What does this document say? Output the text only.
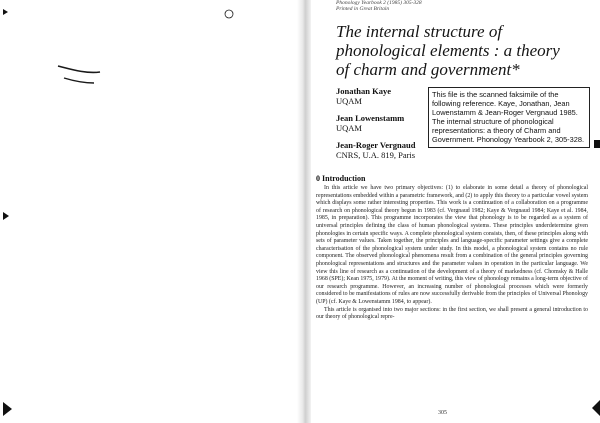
Phonology Yearbook 2 (1985) 305-328
Printed in Great Britain
The internal structure of phonological elements : a theory of charm and government*
Jonathan Kaye
UQAM
Jean Lowenstamm
UQAM
Jean-Roger Vergnaud
CNRS, U.A. 819, Paris
This file is the scanned faksimile of the following reference. Kaye, Jonathan, Jean Lowenstamm & Jean-Roger Vergnaud 1985. The internal structure of phonological representations: a theory of Charm and Government. Phonology Yearbook 2, 305-328.
0 Introduction

In this article we have two primary objectives: (1) to elaborate in some detail a theory of phonological representations embedded within a parametric framework, and (2) to apply this theory to a particular vowel system which displays some rather interesting properties. This work is a continuation of a collaboration on a programme of research on phonological theory begun in 1983 (cf. Vergnaud 1982; Kaye & Vergnaud 1984; Kaye et al. 1984, 1985, in preparation). This programme incorporates the view that phonology is to be regarded as a system of universal principles defining the class of human phonological systems. These principles underdetermine given phonologies in certain specific ways. A complete phonological system consists, then, of these principles along with sets of parameter values. Taken together, the principles and language-specific parameter settings give a complete characterisation of the phonological system under study. In this model, a phonological system contains no rule component. The observed phonological phenomena result from a combination of the general principles governing phonological representations and structures and the parameter values in operation in the particular language. We view this line of research as a continuation of the development of a theory of markedness (cf. Chomsky & Halle 1968 (SPE); Kean 1975, 1979). At the moment of writing, this view of phonology remains a long-term objective of our research programme. However, an increasing number of phonological processes which were formerly considered to be manifestations of rules are now successfully derivable from the principles of Universal Phonology (UP) (cf. Kaye & Lowenstamm 1984, to appear).

This article is organised into two major sections: in the first section, we shall present a general introduction to our theory of phonological repre-

305
